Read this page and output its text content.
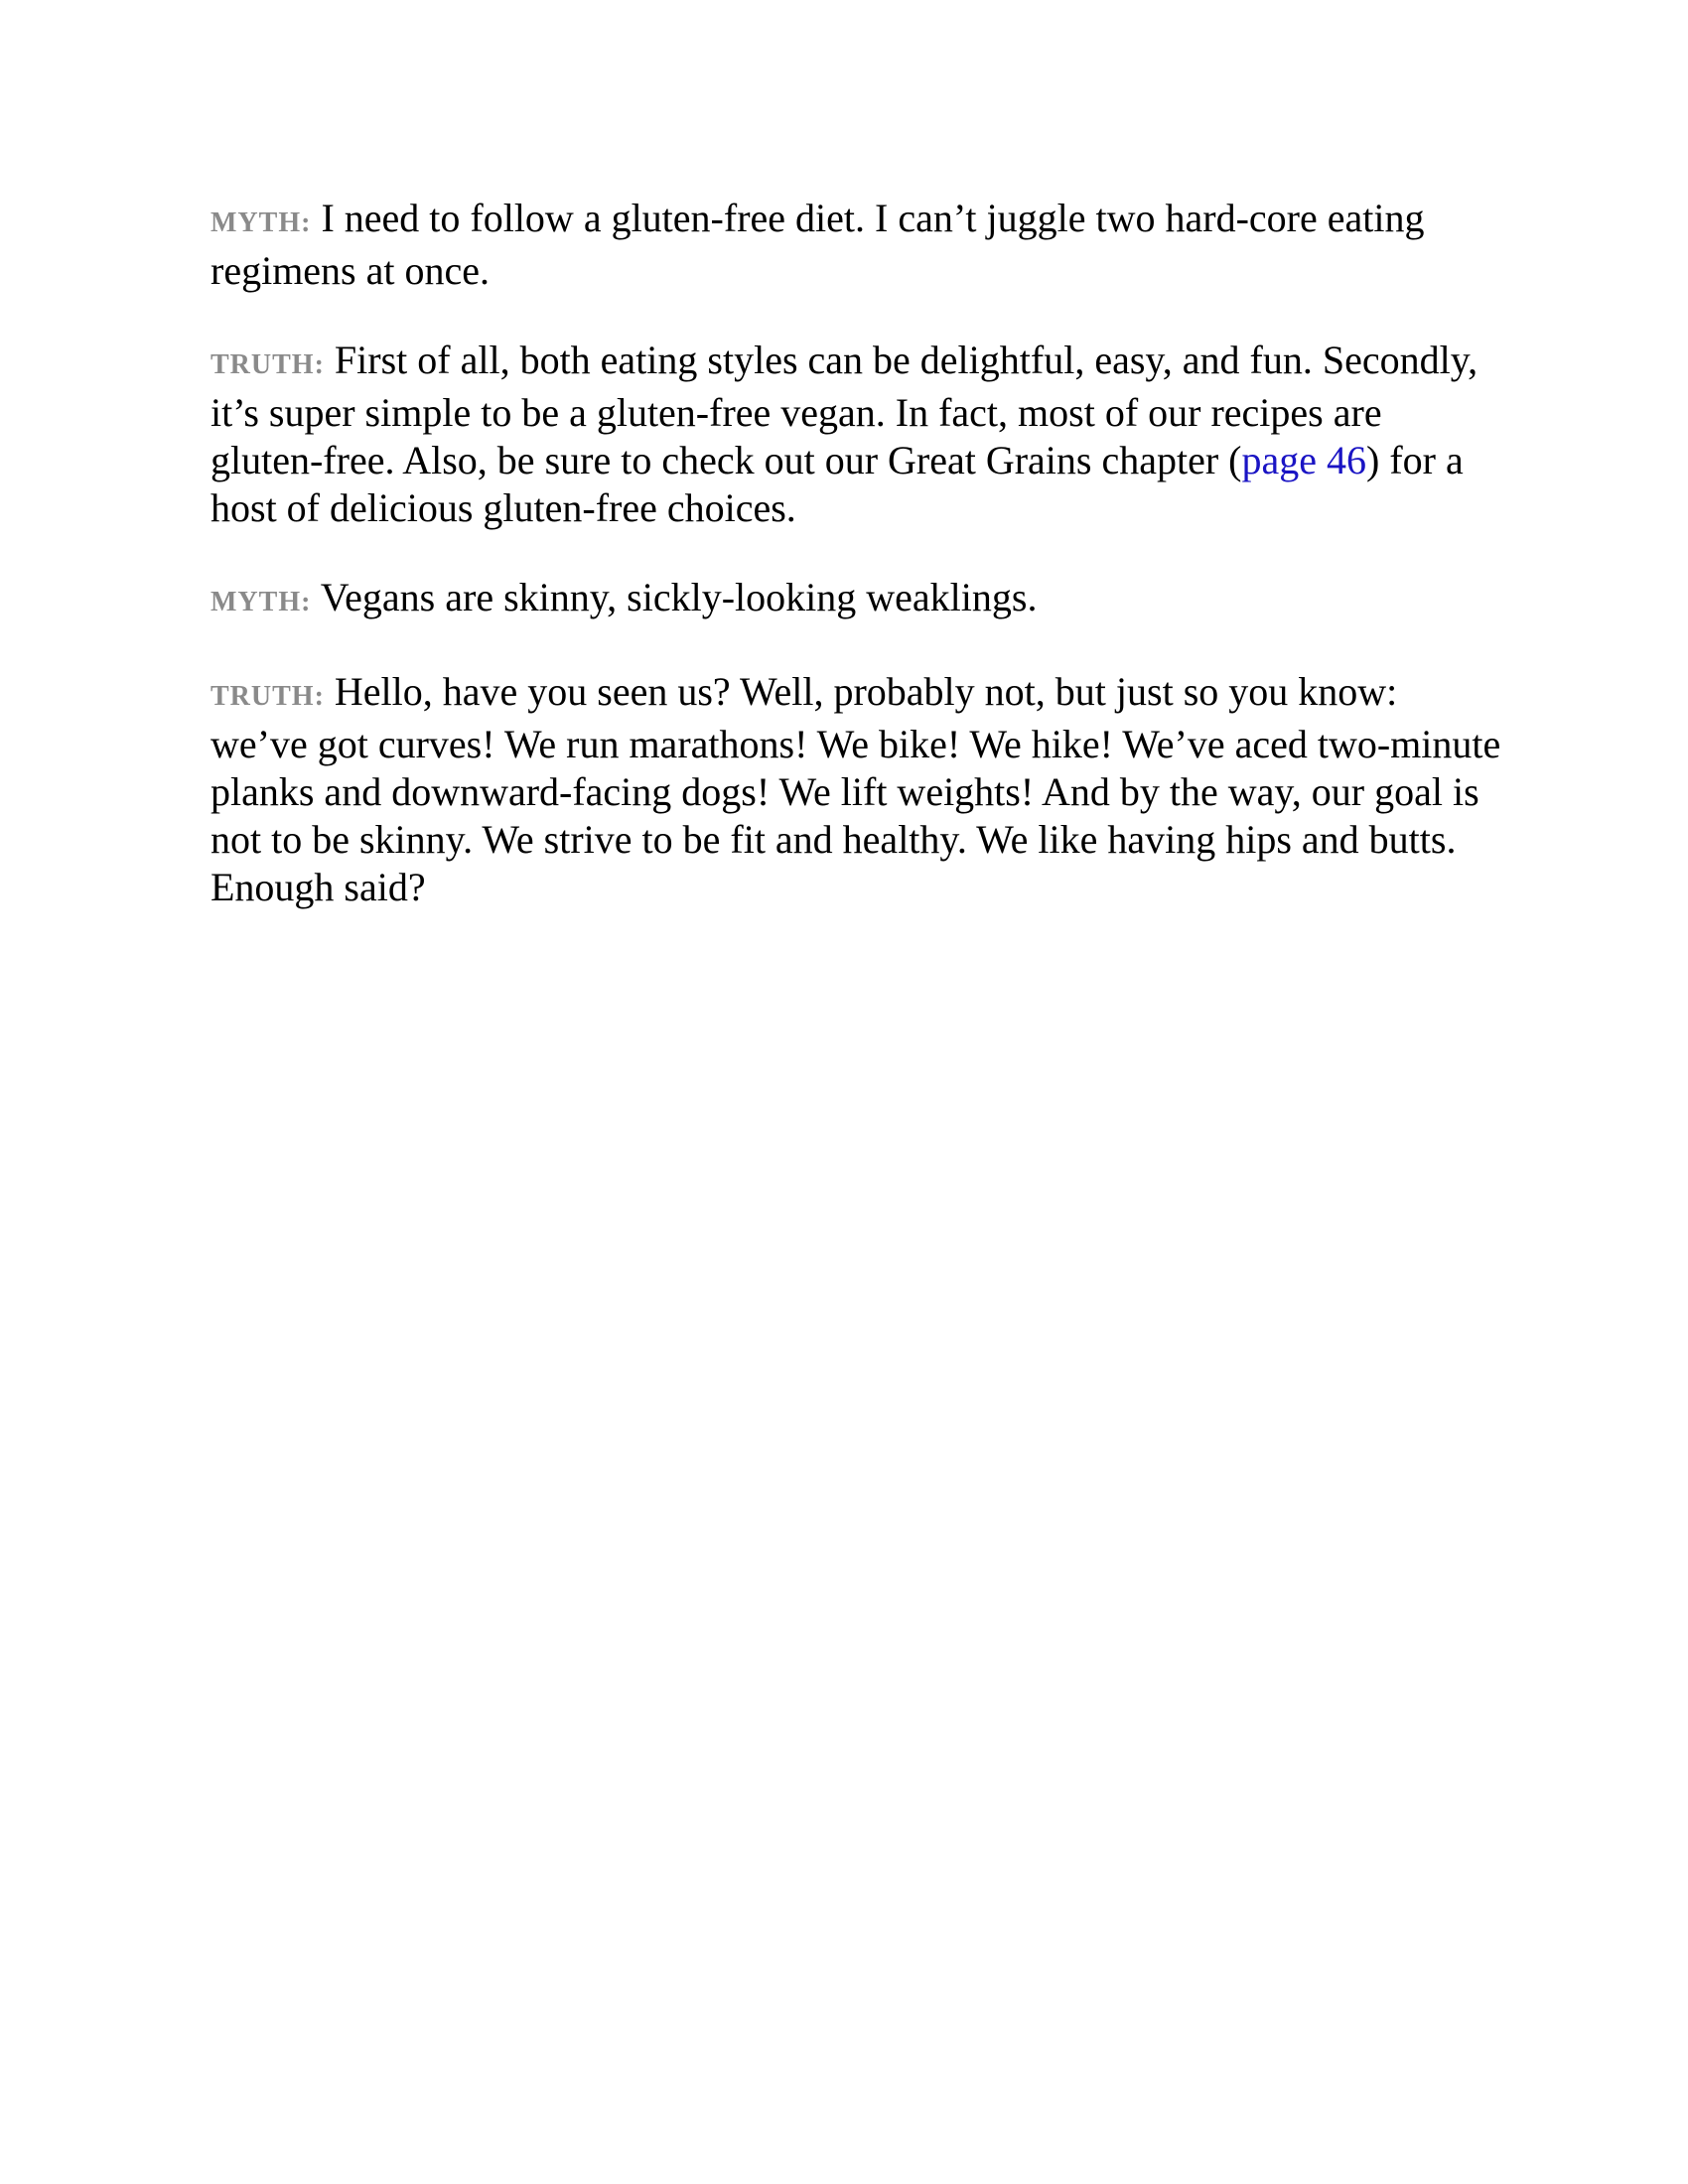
MYTH: I need to follow a gluten-free diet. I can’t juggle two hard-core eating regimens at once.

TRUTH: First of all, both eating styles can be delightful, easy, and fun. Secondly, it’s super simple to be a gluten-free vegan. In fact, most of our recipes are gluten-free. Also, be sure to check out our Great Grains chapter (page 46) for a host of delicious gluten-free choices.

MYTH: Vegans are skinny, sickly-looking weaklings.

TRUTH: Hello, have you seen us? Well, probably not, but just so you know: we’ve got curves! We run marathons! We bike! We hike! We’ve aced two-minute planks and downward-facing dogs! We lift weights! And by the way, our goal is not to be skinny. We strive to be fit and healthy. We like having hips and butts. Enough said?
